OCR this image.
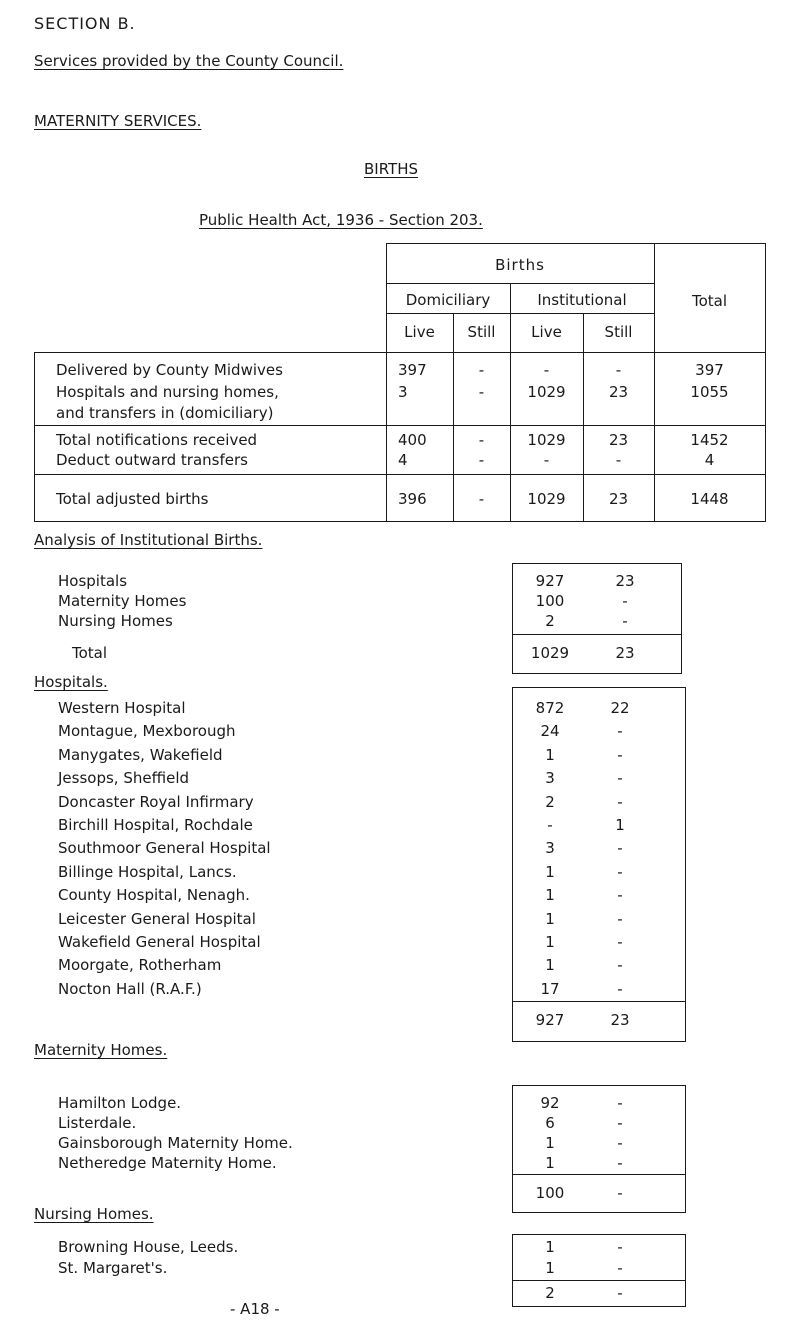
SECTION B.
Services provided by the County Council.
MATERNITY SERVICES.
BIRTHS
Public Health Act, 1936 - Section 203.
Births
Domiciliary	Institutional	Total
Live	Still	Live	Still
Delivered by County Midwives	397	-	-	-	397
Hospitals and nursing homes,
and transfers in (domiciliary)
3	-	1029	23	1055
Total notifications received	400	-	1029	23	1452
Deduct outward transfers	4	-	-	-	4
Total adjusted births	396	-	1029	23	1448
Analysis of Institutional Births.
Hospitals	927	23
Maternity Homes	100	-
Nursing Homes	2	-
Total	1029	23
Hospitals.
Western Hospital	872	22
Montague, Mexborough	24	-
Manygates, Wakefield	1	-
Jessops, Sheffield	3	-
Doncaster Royal Infirmary	2	-
Birchill Hospital, Rochdale	-	1
Southmoor General Hospital	3	-
Billinge Hospital, Lancs.	1	-
County Hospital, Nenagh.	1	-
Leicester General Hospital	1	-
Wakefield General Hospital	1	-
Moorgate, Rotherham	1	-
Nocton Hall (R.A.F.)	17	-
927	23
Maternity Homes.
Hamilton Lodge.	92	-
Listerdale.	6	-
Gainsborough Maternity Home.	1	-
Netheredge Maternity Home.	1	-
100	-
Nursing Homes.
Browning House, Leeds.	1	-
St. Margaret's.	1	-
2	-
- A18 -
